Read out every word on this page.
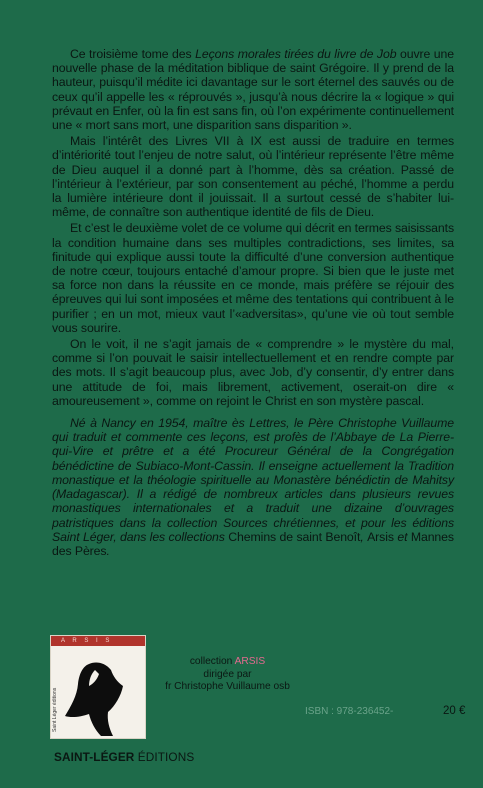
Ce troisième tome des Leçons morales tirées du livre de Job ouvre une nouvelle phase de la méditation biblique de saint Grégoire. Il y prend de la hauteur, puisqu’il médite ici davantage sur le sort éternel des sauvés ou de ceux qu’il appelle les « réprouvés », jusqu’à nous décrire la « logique » qui prévaut en Enfer, où la fin est sans fin, où l’on expérimente continuellement une « mort sans mort, une disparition sans disparition ».

Mais l’intérêt des Livres VII à IX est aussi de traduire en termes d’intériorité tout l’enjeu de notre salut, où l’intérieur représente l’être même de Dieu auquel il a donné part à l’homme, dès sa création. Passé de l’intérieur à l’extérieur, par son consentement au péché, l’homme a perdu la lumière intérieure dont il jouissait. Il a surtout cessé de s’habiter lui-même, de connaître son authentique identité de fils de Dieu.

Et c’est le deuxième volet de ce volume qui décrit en termes saisissants la condition humaine dans ses multiples contradictions, ses limites, sa finitude qui explique aussi toute la difficulté d’une conversion authentique de notre cœur, toujours entaché d’amour propre. Si bien que le juste met sa force non dans la réussite en ce monde, mais préfère se réjouir des épreuves qui lui sont imposées et même des tentations qui contribuent à le purifier ; en un mot, mieux vaut l’«adversitas», qu’une vie où tout semble vous sourire.

On le voit, il ne s’agit jamais de « comprendre » le mystère du mal, comme si l’on pouvait le saisir intellectuellement et en rendre compte par des mots. Il s’agit beaucoup plus, avec Job, d’y consentir, d’y entrer dans une attitude de foi, mais librement, activement, oserait-on dire « amoureusement », comme on rejoint le Christ en son mystère pascal.

Né à Nancy en 1954, maître ès Lettres, le Père Christophe Vuillaume qui traduit et commente ces leçons, est profès de l’Abbaye de La Pierre-qui-Vire et prêtre et a été Procureur Général de la Congrégation bénédictine de Subiaco-Mont-Cassin. Il enseigne actuellement la Tradition monastique et la théologie spirituelle au Monastère bénédictin de Mahitsy (Madagascar). Il a rédigé de nombreux articles dans plusieurs revues monastiques internationales et a traduit une dizaine d’ouvrages patristiques dans la collection Sources chrétiennes, et pour les éditions Saint Léger, dans les collections Chemins de saint Benoît, Arsis et Mannes des Pères.

A R S I S
Saint Léger éditions
collection ARSIS
dirigée par
fr Christophe Vuillaume osb
ISBN : 978-236452-	20 €
SAINT-LÉGER ÉDITIONS
